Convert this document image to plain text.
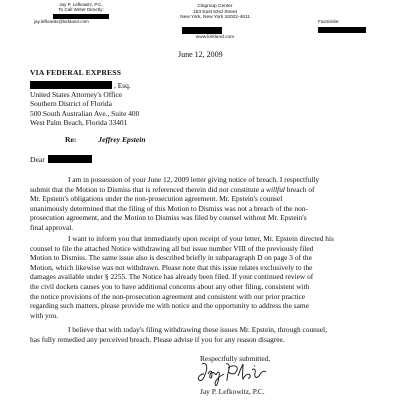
Jay P. Lefkowitz, P.C.
To Call Writer Directly:
jay.lefkowitz@kirkland.com
Citigroup Center
153 East 53rd Street
New York, New York 10022-4611
www.kirkland.com
Facsimile:
June 12, 2009
VIA FEDERAL EXPRESS
, Esq.
United States Attorney's Office
Southern District of Florida
500 South Australian Ave., Suite 400
West Palm Beach, Florida 33401
Re:	Jeffrey Epstein
Dear
I am in possession of your June 12, 2009 letter giving notice of breach. I respectfully
submit that the Motion to Dismiss that is referenced therein did not constitute a willful breach of
Mr. Epstein's obligations under the non-prosecution agreement. Mr. Epstein's counsel
unanimously determined that the filing of this Motion to Dismiss was not a breach of the non-
prosecution agreement, and the Motion to Dismiss was filed by counsel without Mr. Epstein's
final approval.
I want to inform you that immediately upon receipt of your letter, Mr. Epstein directed his
counsel to file the attached Notice withdrawing all but issue number VIII of the previously filed
Motion to Dismiss. The same issue also is described briefly in subparagraph D on page 3 of the
Motion, which likewise was not withdrawn. Please note that this issue relates exclusively to the
damages available under § 2255. The Notice has already been filed. If your continued review of
the civil dockets causes you to have additional concerns about any other filing, consistent with
the notice provisions of the non-prosecution agreement and consistent with our prior practice
regarding such matters, please provide me with notice and the opportunity to address the same
with you.
I believe that with today's filing withdrawing these issues Mr. Epstein, through counsel,
has fully remedied any perceived breach. Please advise if you for any reason disagree.
Respectfully submitted,
Jay P. Lefkowitz, P.C.
